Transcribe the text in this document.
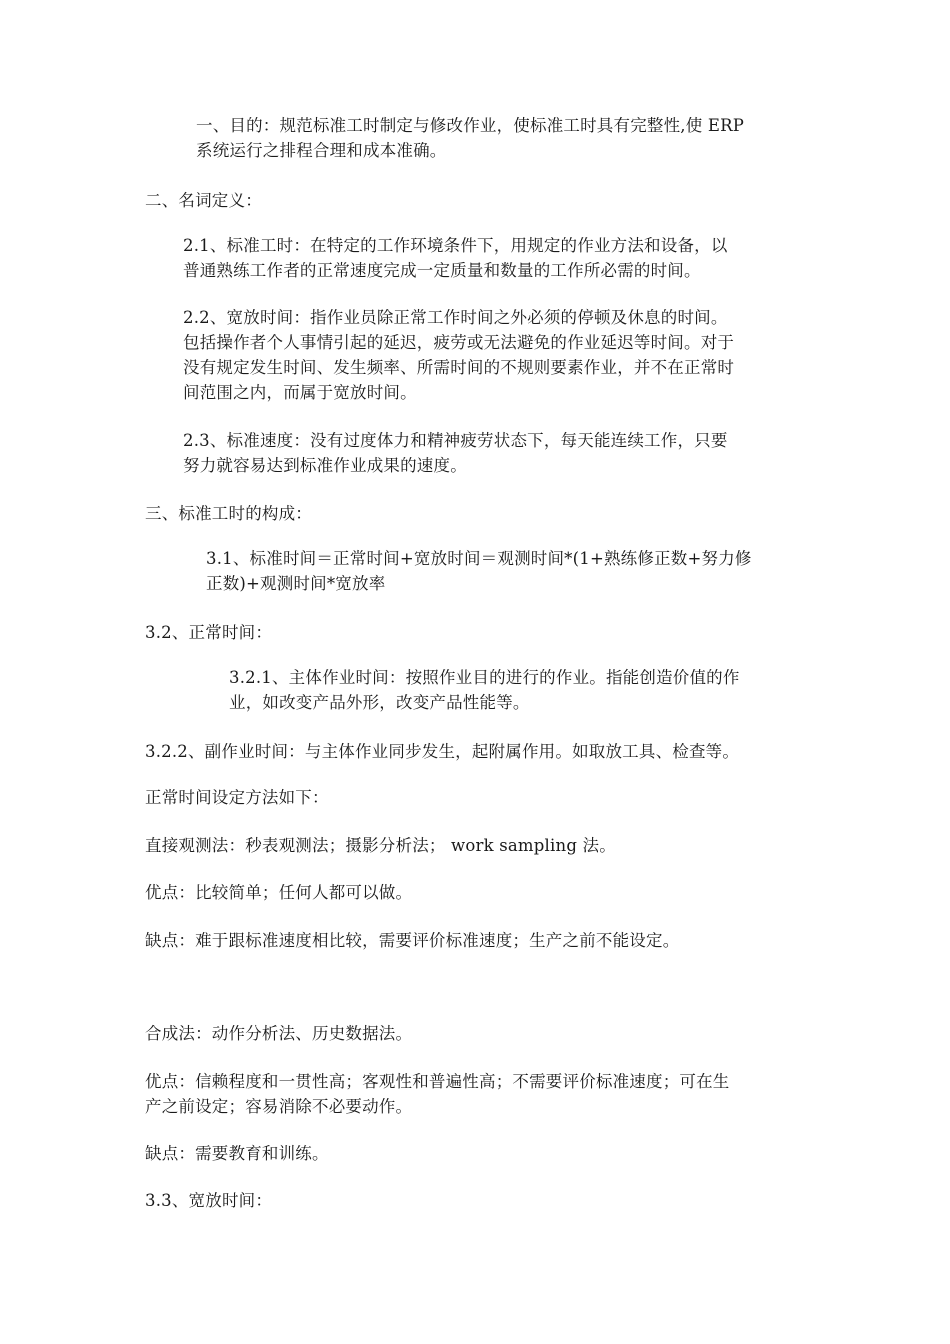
一、目的：规范标准工时制定与修改作业，使标准工时具有完整性,使 ERP
系统运行之排程合理和成本准确。
二、名词定义：
2.1、标准工时：在特定的工作环境条件下，用规定的作业方法和设备，以
普通熟练工作者的正常速度完成一定质量和数量的工作所必需的时间。
2.2、宽放时间：指作业员除正常工作时间之外必须的停顿及休息的时间。
包括操作者个人事情引起的延迟，疲劳或无法避免的作业延迟等时间。对于
没有规定发生时间、发生频率、所需时间的不规则要素作业，并不在正常时
间范围之内，而属于宽放时间。
2.3、标准速度：没有过度体力和精神疲劳状态下，每天能连续工作，只要
努力就容易达到标准作业成果的速度。
三、标准工时的构成：
3.1、标准时间＝正常时间+宽放时间＝观测时间*(1+熟练修正数+努力修
正数)+观测时间*宽放率
3.2、正常时间：
3.2.1、主体作业时间：按照作业目的进行的作业。指能创造价值的作
业，如改变产品外形，改变产品性能等。
3.2.2、副作业时间：与主体作业同步发生，起附属作用。如取放工具、检查等。
正常时间设定方法如下：
直接观测法：秒表观测法；摄影分析法； work sampling 法。
优点：比较简单；任何人都可以做。
缺点：难于跟标准速度相比较，需要评价标准速度；生产之前不能设定。
合成法：动作分析法、历史数据法。
优点：信赖程度和一贯性高；客观性和普遍性高；不需要评价标准速度；可在生
产之前设定；容易消除不必要动作。
缺点：需要教育和训练。
3.3、宽放时间：
